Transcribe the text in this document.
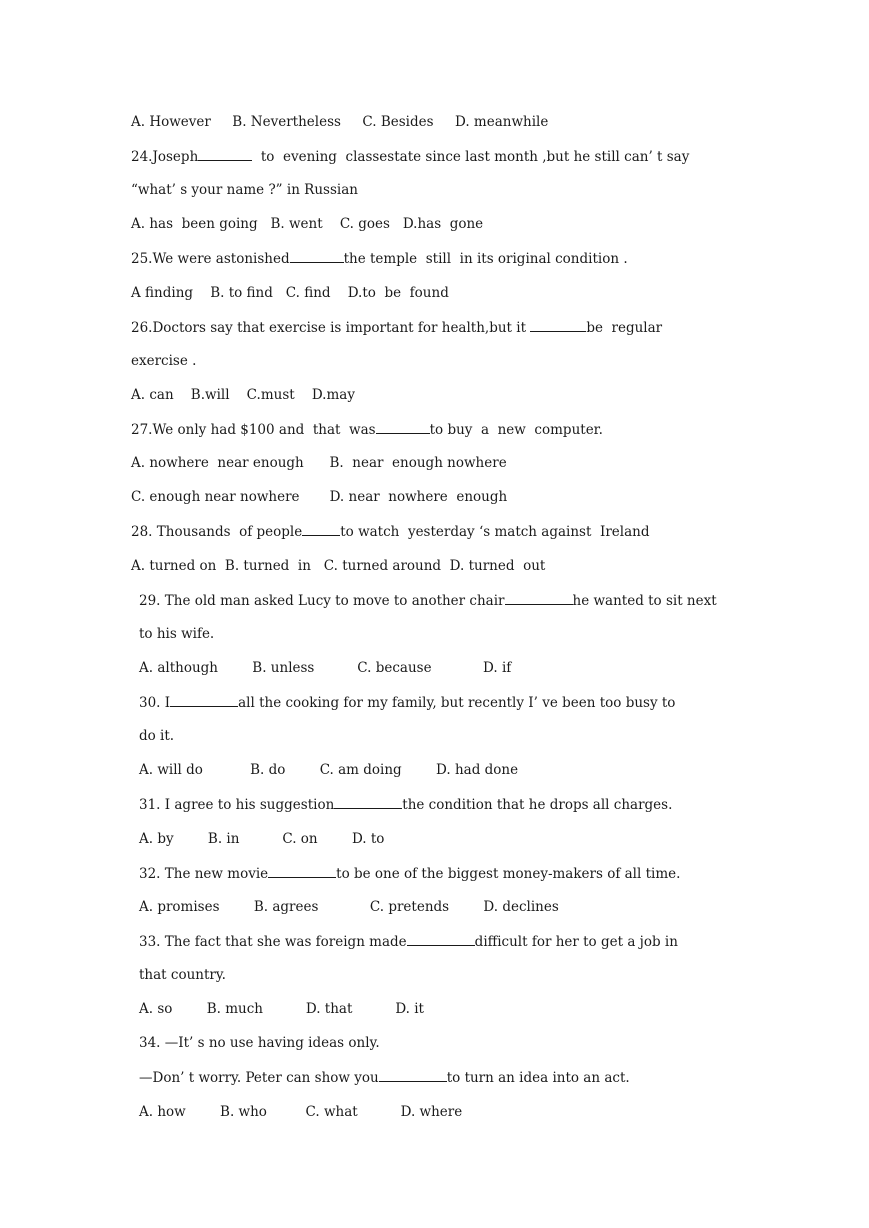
A. However     B. Nevertheless     C. Besides     D. meanwhile
24.Joseph	to  evening  classestate since last month ,but he still can’ t say
“what’ s your name ?” in Russian
A. has  been going   B. went    C. goes   D.has  gone
25.We were astonished	the temple  still  in its original condition .
A finding    B. to find   C. find    D.to  be  found
26.Doctors say that exercise is important for health,but it	be  regular
exercise .
A. can    B.will    C.must    D.may
27.We only had $100 and  that  was	to buy  a  new  computer.
A. nowhere  near enough      B.  near  enough nowhere
C. enough near nowhere       D. near  nowhere  enough
28. Thousands  of people	to watch  yesterday ‘s match against  Ireland
A. turned on  B. turned  in   C. turned around  D. turned  out
29. The old man asked Lucy to move to another chair	he wanted to sit next
to his wife.
A. although        B. unless          C. because            D. if
30. I	all the cooking for my family, but recently I’ ve been too busy to
do it.
A. will do           B. do        C. am doing        D. had done
31. I agree to his suggestion	the condition that he drops all charges.
A. by        B. in          C. on        D. to
32. The new movie	to be one of the biggest money-makers of all time.
A. promises        B. agrees            C. pretends        D. declines
33. The fact that she was foreign made	difficult for her to get a job in
that country.
A. so        B. much          D. that          D. it
34. —It’ s no use having ideas only.
—Don’ t worry. Peter can show you	to turn an idea into an act.
A. how        B. who         C. what          D. where
